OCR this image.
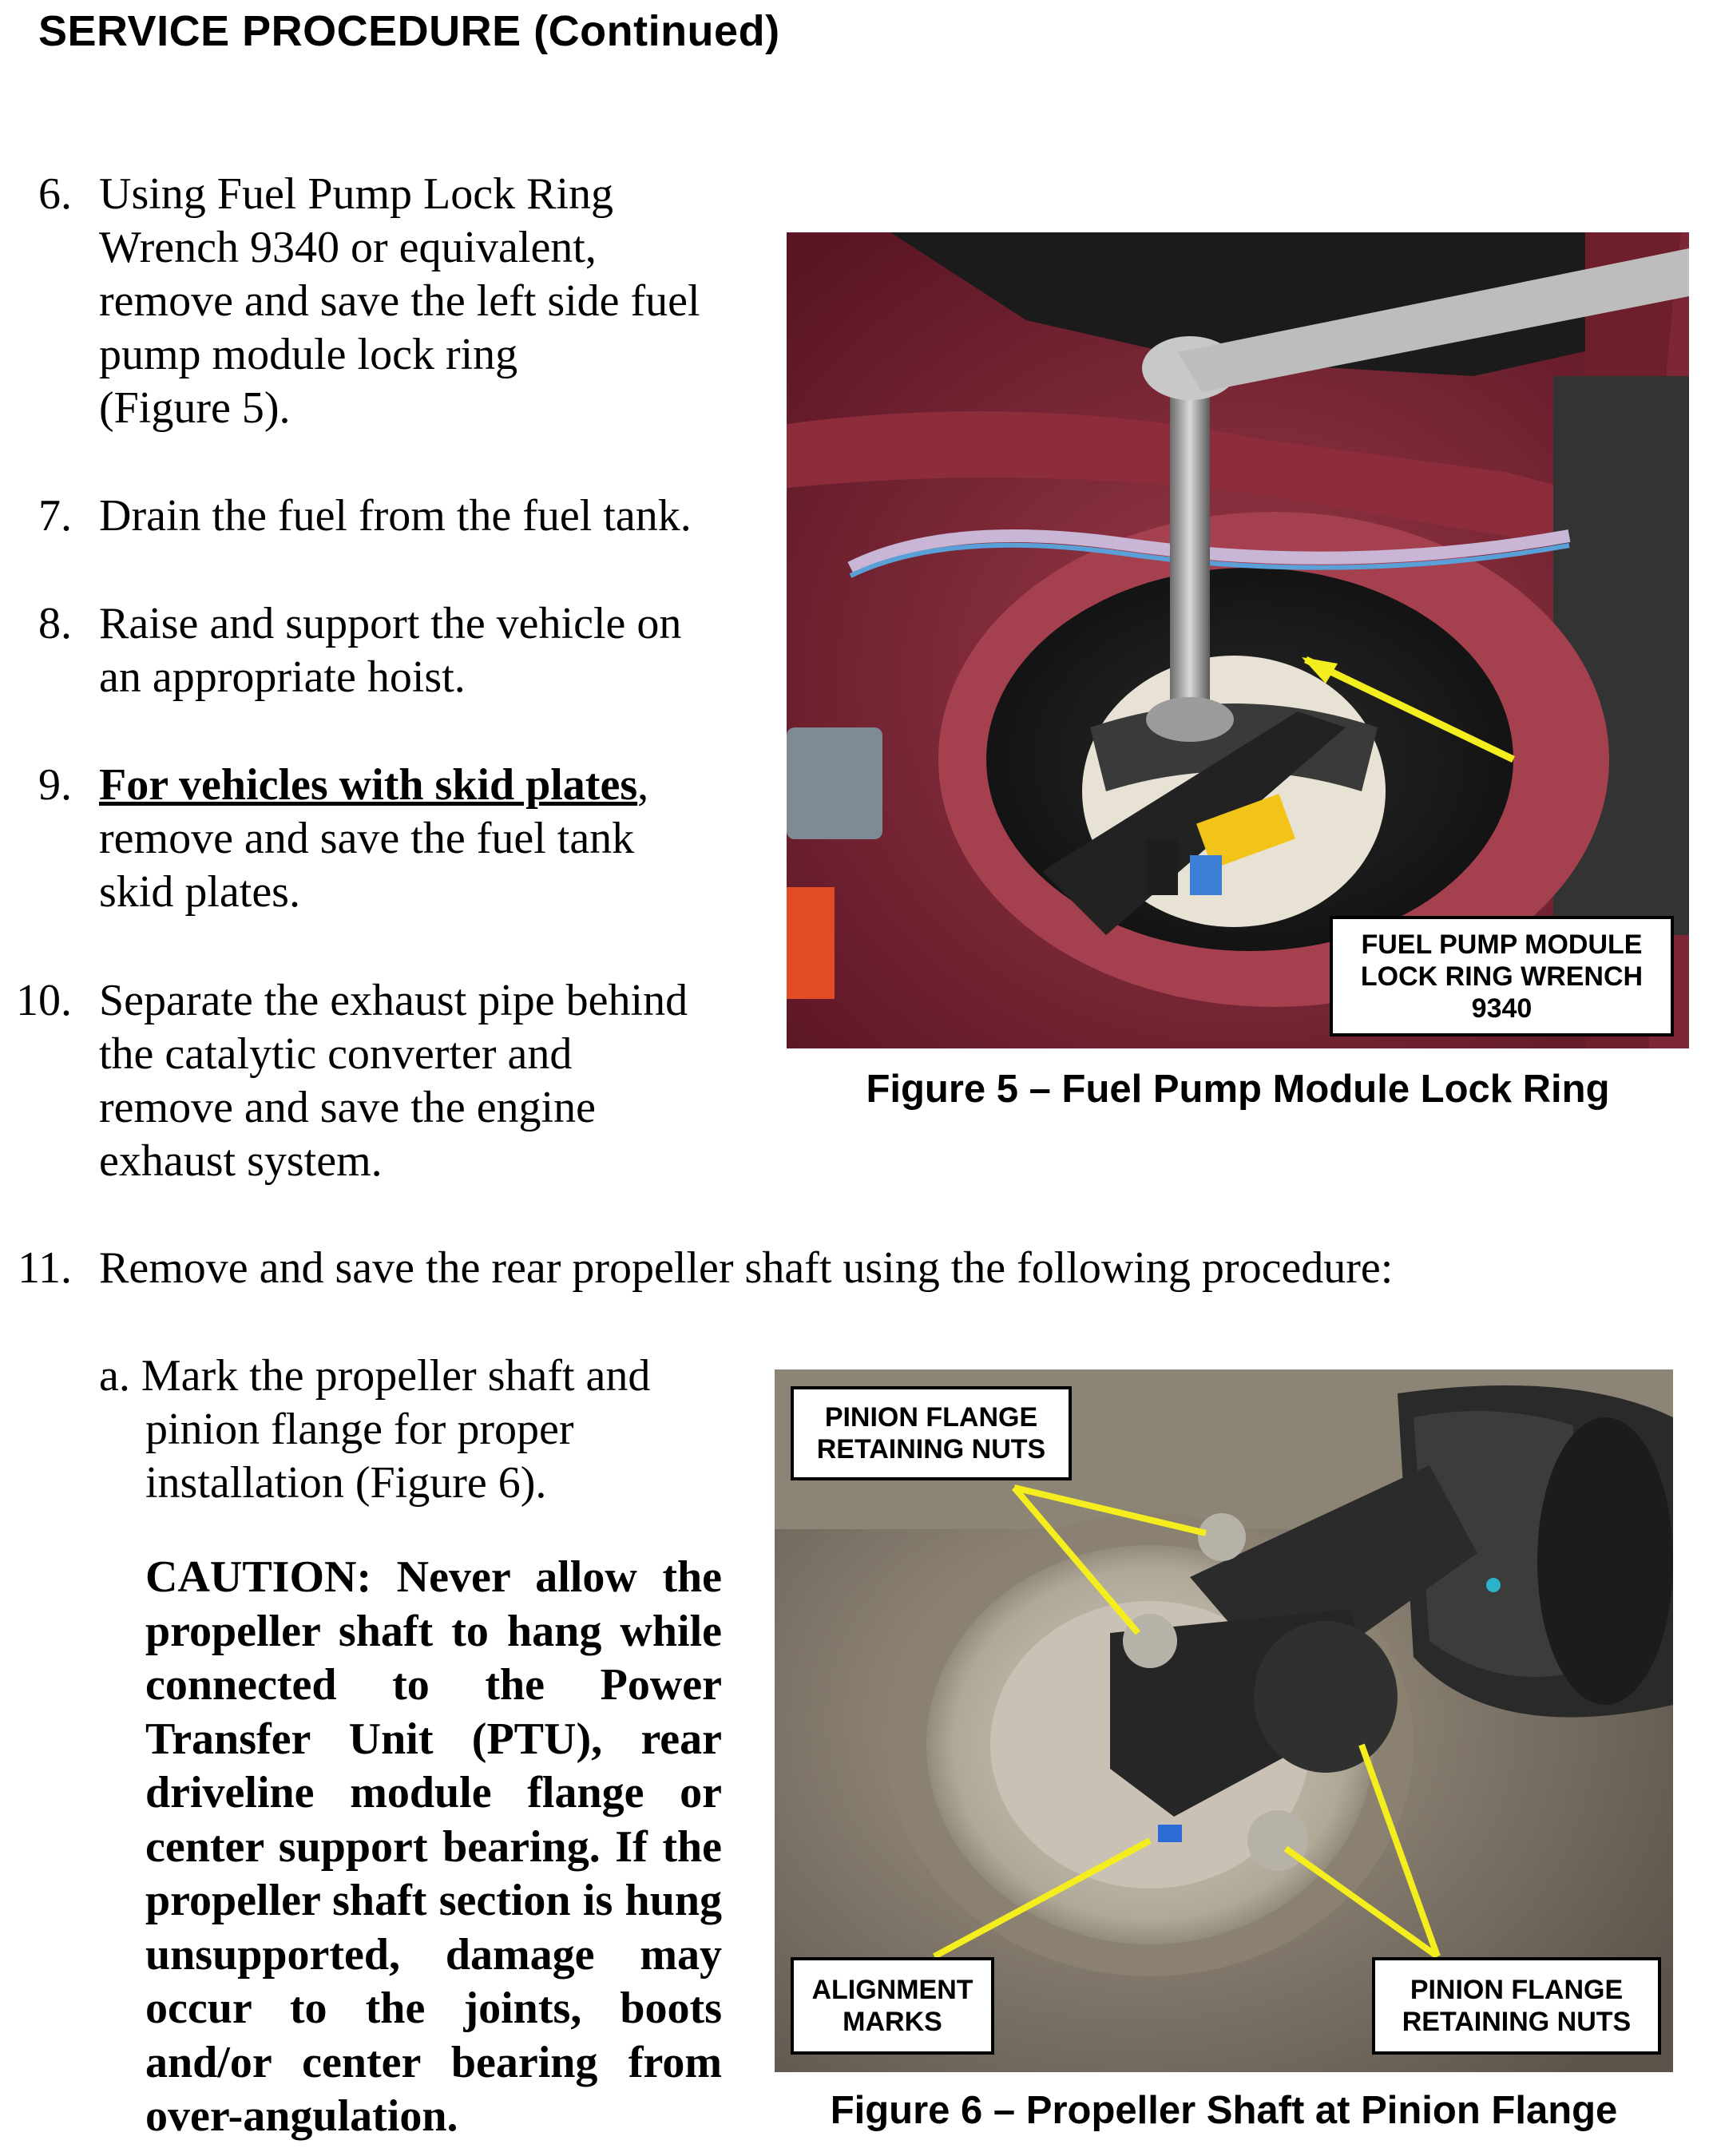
SERVICE PROCEDURE (Continued)
6. Using Fuel Pump Lock Ring
Wrench 9340 or equivalent,
remove and save the left side fuel
pump module lock ring
(Figure 5).
7. Drain the fuel from the fuel tank.
8. Raise and support the vehicle on
an appropriate hoist.
9. For vehicles with skid plates,
remove and save the fuel tank
skid plates.
10. Separate the exhaust pipe behind
the catalytic converter and
remove and save the engine
exhaust system.
11. Remove and save the rear propeller shaft using the following procedure:
a. Mark the propeller shaft and
pinion flange for proper
installation (Figure 6).
CAUTION: Never allow the propeller shaft to hang while connected to the Power Transfer Unit (PTU), rear driveline module flange or center support bearing. If the propeller shaft section is hung unsupported, damage may occur to the joints, boots and/or center bearing from over-angulation.
FUEL PUMP MODULE
LOCK RING WRENCH
9340
Figure 5 – Fuel Pump Module Lock Ring
PINION FLANGE
RETAINING NUTS
ALIGNMENT
MARKS
PINION FLANGE
RETAINING NUTS
Figure 6 – Propeller Shaft at Pinion Flange
